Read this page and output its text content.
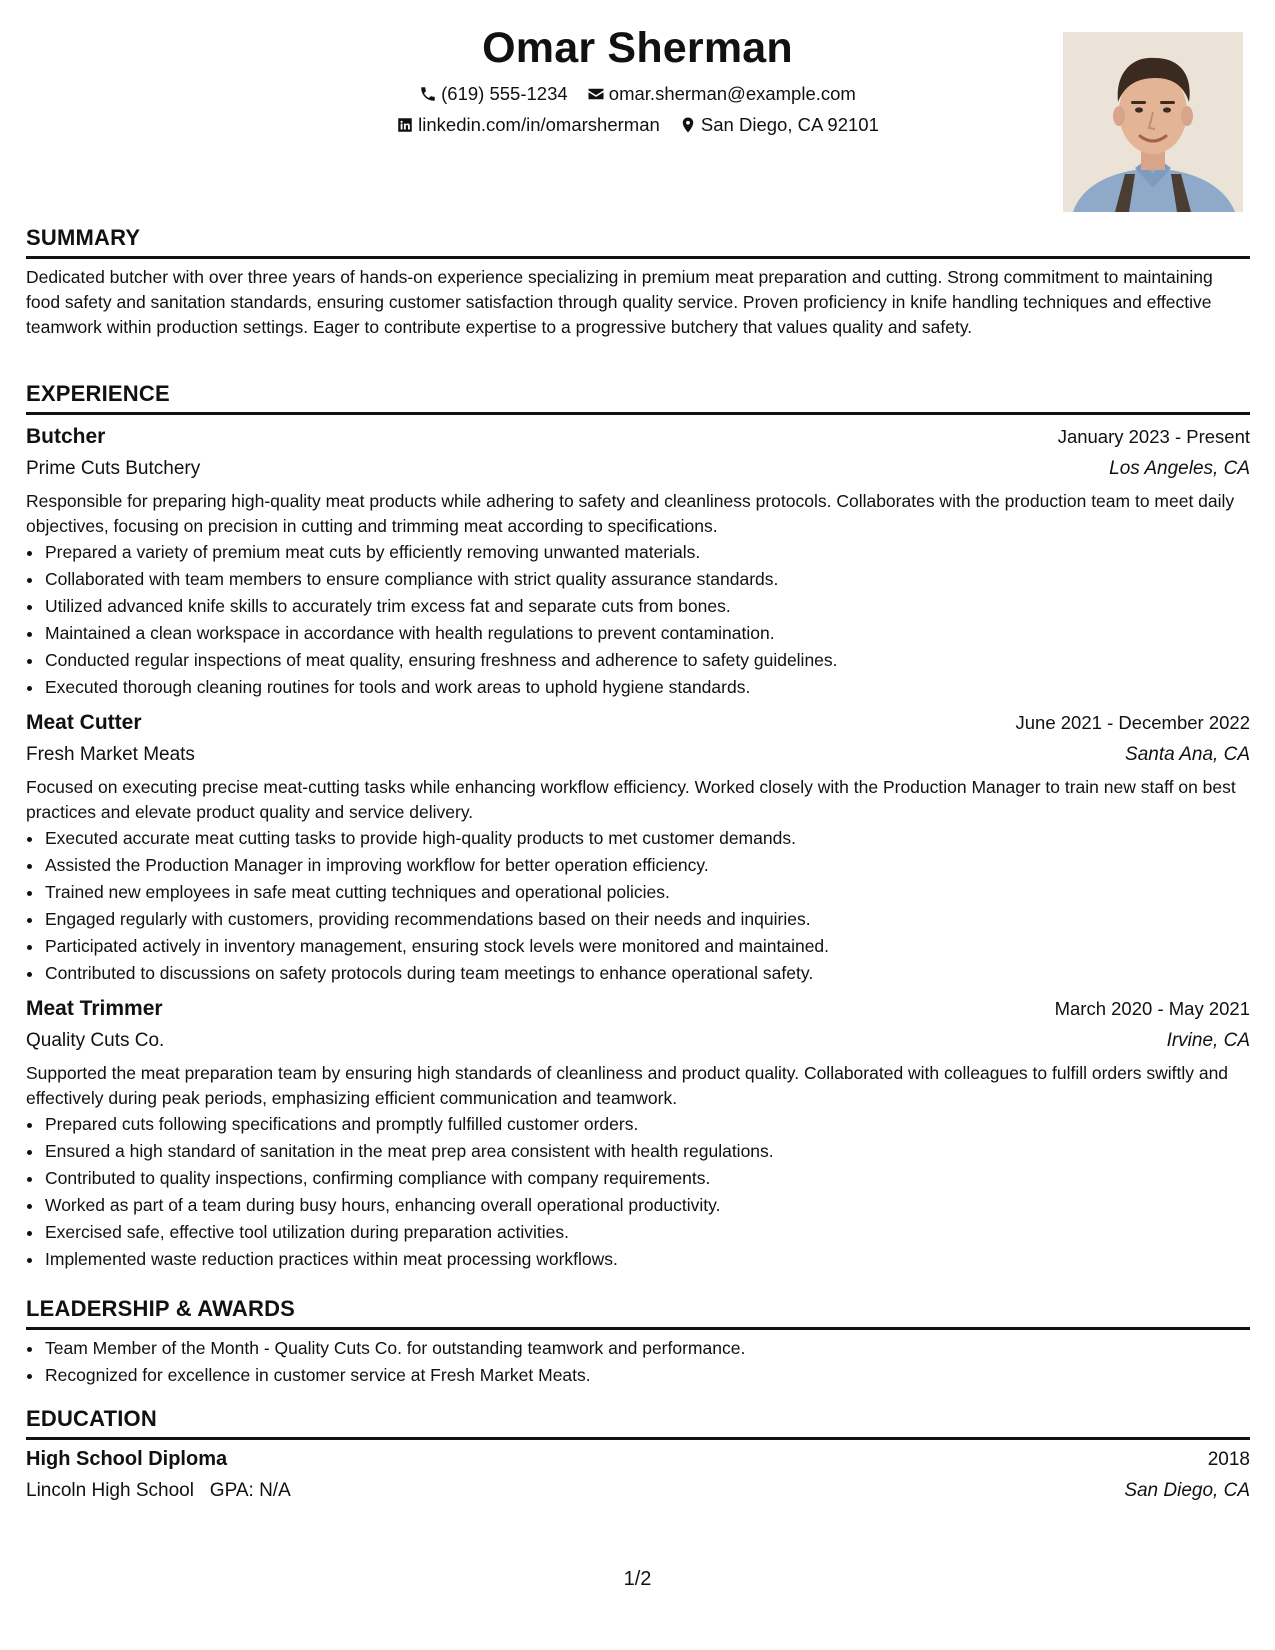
Omar Sherman
(619) 555-1234
omar.sherman@example.com
linkedin.com/in/omarsherman
San Diego, CA 92101
SUMMARY

Dedicated butcher with over three years of hands-on experience specializing in premium meat preparation and cutting. Strong commitment to maintaining food safety and sanitation standards, ensuring customer satisfaction through quality service. Proven proficiency in knife handling techniques and effective teamwork within production settings. Eager to contribute expertise to a progressive butchery that values quality and safety.

EXPERIENCE
Butcher	January 2023 - Present
Prime Cuts Butchery	Los Angeles, CA

Responsible for preparing high-quality meat products while adhering to safety and cleanliness protocols. Collaborates with the production team to meet daily objectives, focusing on precision in cutting and trimming meat according to specifications.

• Prepared a variety of premium meat cuts by efficiently removing unwanted materials.
• Collaborated with team members to ensure compliance with strict quality assurance standards.
• Utilized advanced knife skills to accurately trim excess fat and separate cuts from bones.
• Maintained a clean workspace in accordance with health regulations to prevent contamination.
• Conducted regular inspections of meat quality, ensuring freshness and adherence to safety guidelines.
• Executed thorough cleaning routines for tools and work areas to uphold hygiene standards.
Meat Cutter	June 2021 - December 2022
Fresh Market Meats	Santa Ana, CA

Focused on executing precise meat-cutting tasks while enhancing workflow efficiency. Worked closely with the Production Manager to train new staff on best practices and elevate product quality and service delivery.

• Executed accurate meat cutting tasks to provide high-quality products to met customer demands.
• Assisted the Production Manager in improving workflow for better operation efficiency.
• Trained new employees in safe meat cutting techniques and operational policies.
• Engaged regularly with customers, providing recommendations based on their needs and inquiries.
• Participated actively in inventory management, ensuring stock levels were monitored and maintained.
• Contributed to discussions on safety protocols during team meetings to enhance operational safety.
Meat Trimmer	March 2020 - May 2021
Quality Cuts Co.	Irvine, CA

Supported the meat preparation team by ensuring high standards of cleanliness and product quality. Collaborated with colleagues to fulfill orders swiftly and effectively during peak periods, emphasizing efficient communication and teamwork.

• Prepared cuts following specifications and promptly fulfilled customer orders.
• Ensured a high standard of sanitation in the meat prep area consistent with health regulations.
• Contributed to quality inspections, confirming compliance with company requirements.
• Worked as part of a team during busy hours, enhancing overall operational productivity.
• Exercised safe, effective tool utilization during preparation activities.
• Implemented waste reduction practices within meat processing workflows.
LEADERSHIP & AWARDS
• Team Member of the Month - Quality Cuts Co. for outstanding teamwork and performance.
• Recognized for excellence in customer service at Fresh Market Meats.
EDUCATION
High School Diploma	2018
Lincoln High School GPA: N/A	San Diego, CA
1/2
